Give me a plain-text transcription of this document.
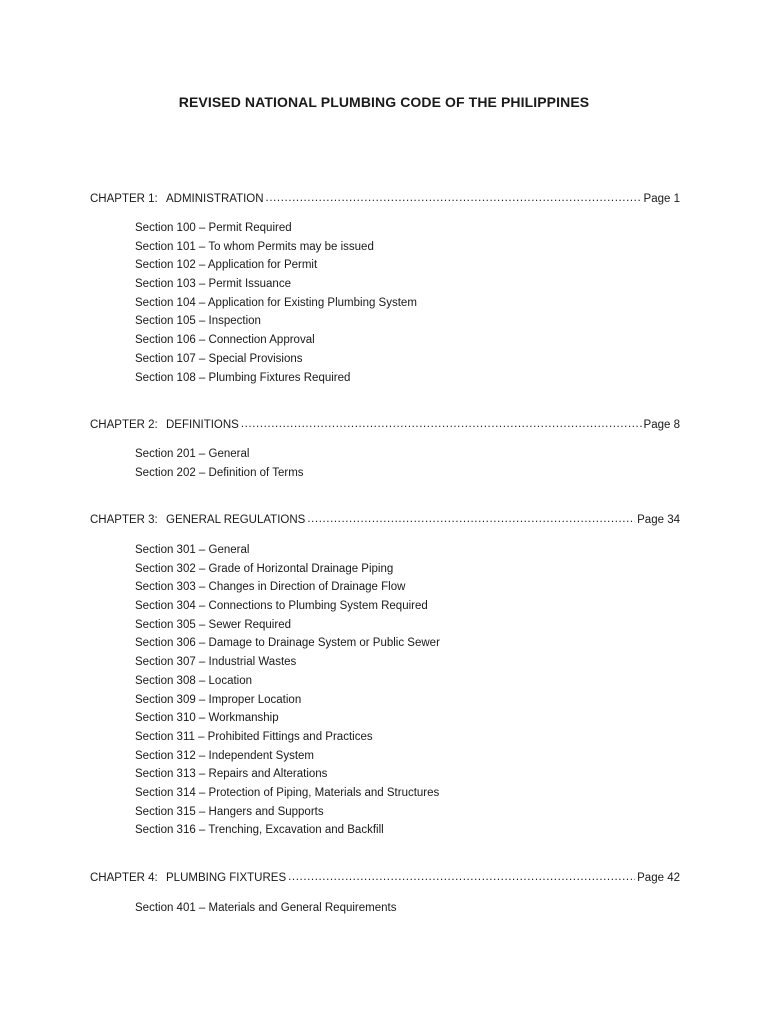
REVISED NATIONAL PLUMBING CODE OF THE PHILIPPINES
CHAPTER 1: ADMINISTRATION .....	Page 1
Section 100 – Permit Required
Section 101 – To whom Permits may be issued
Section 102 – Application for Permit
Section 103 – Permit Issuance
Section 104 – Application for Existing Plumbing System
Section 105 – Inspection
Section 106 – Connection Approval
Section 107 – Special Provisions
Section 108 – Plumbing Fixtures Required
CHAPTER 2: DEFINITIONS .....	Page 8
Section 201 – General
Section 202 – Definition of Terms
CHAPTER 3: GENERAL REGULATIONS .....	Page 34
Section 301 – General
Section 302 – Grade of Horizontal Drainage Piping
Section 303 – Changes in Direction of Drainage Flow
Section 304 – Connections to Plumbing System Required
Section 305 – Sewer Required
Section 306 – Damage to Drainage System or Public Sewer
Section 307 – Industrial Wastes
Section 308 – Location
Section 309 – Improper Location
Section 310 – Workmanship
Section 311 – Prohibited Fittings and Practices
Section 312 – Independent System
Section 313 – Repairs and Alterations
Section 314 – Protection of Piping, Materials and Structures
Section 315 – Hangers and Supports
Section 316 – Trenching, Excavation and Backfill
CHAPTER 4: PLUMBING FIXTURES .....	Page 42
Section 401 – Materials and General Requirements
